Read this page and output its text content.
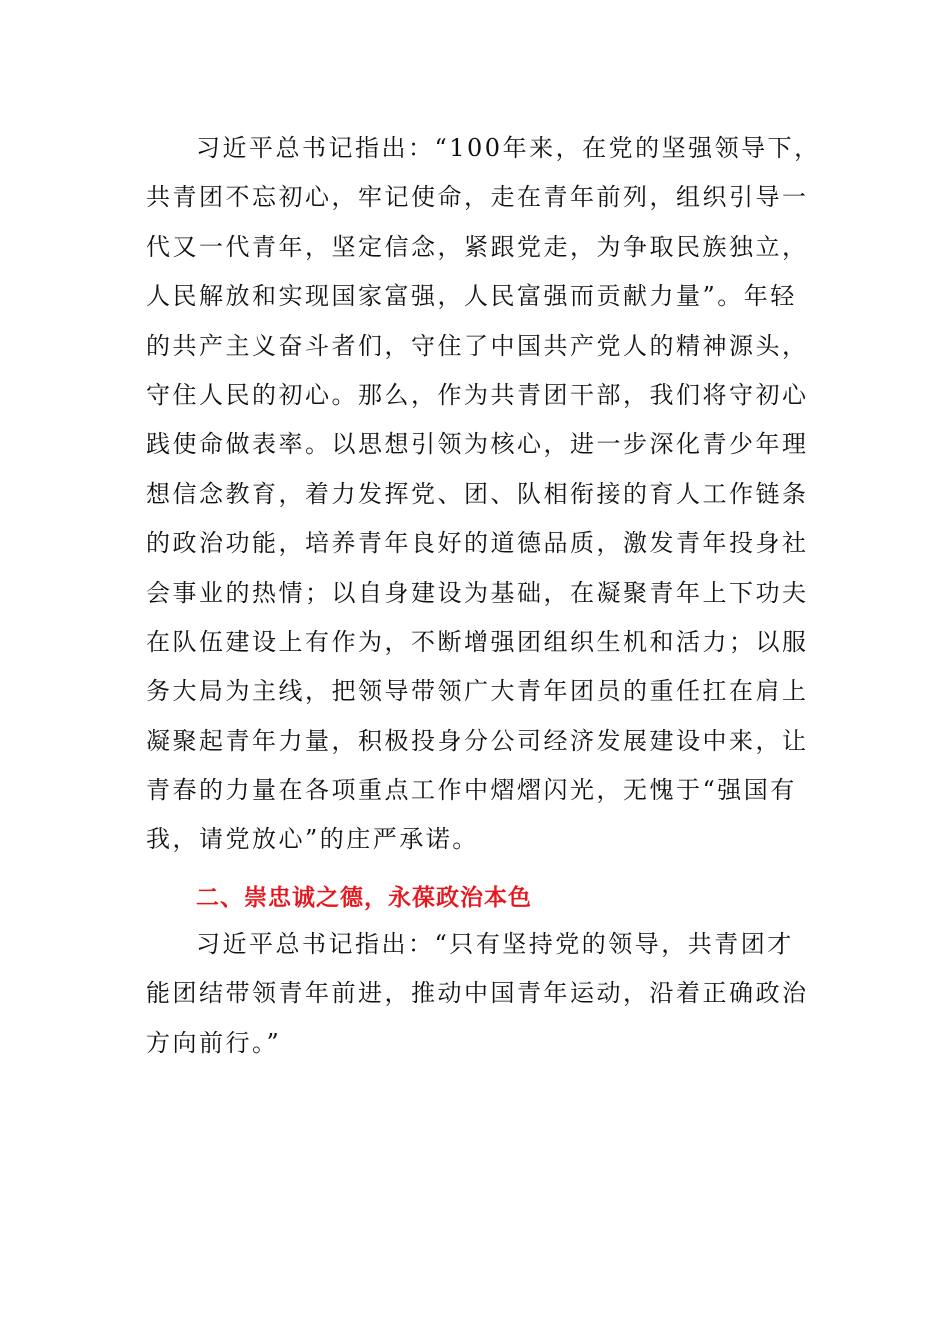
习近平总书记指出：“100年来，在党的坚强领导下，
共青团不忘初心，牢记使命，走在青年前列，组织引导一
代又一代青年，坚定信念，紧跟党走，为争取民族独立，
人民解放和实现国家富强，人民富强而贡献力量”。年轻
的共产主义奋斗者们，守住了中国共产党人的精神源头，
守住人民的初心。那么，作为共青团干部，我们将守初心
践使命做表率。以思想引领为核心，进一步深化青少年理
想信念教育，着力发挥党、团、队相衔接的育人工作链条
的政治功能，培养青年良好的道德品质，激发青年投身社
会事业的热情；以自身建设为基础，在凝聚青年上下功夫
在队伍建设上有作为，不断增强团组织生机和活力；以服
务大局为主线，把领导带领广大青年团员的重任扛在肩上
凝聚起青年力量，积极投身分公司经济发展建设中来，让
青春的力量在各项重点工作中熠熠闪光，无愧于“强国有
我，请党放心”的庄严承诺。
二、崇忠诚之德，永葆政治本色
习近平总书记指出：“只有坚持党的领导，共青团才
能团结带领青年前进，推动中国青年运动，沿着正确政治
方向前行。”
